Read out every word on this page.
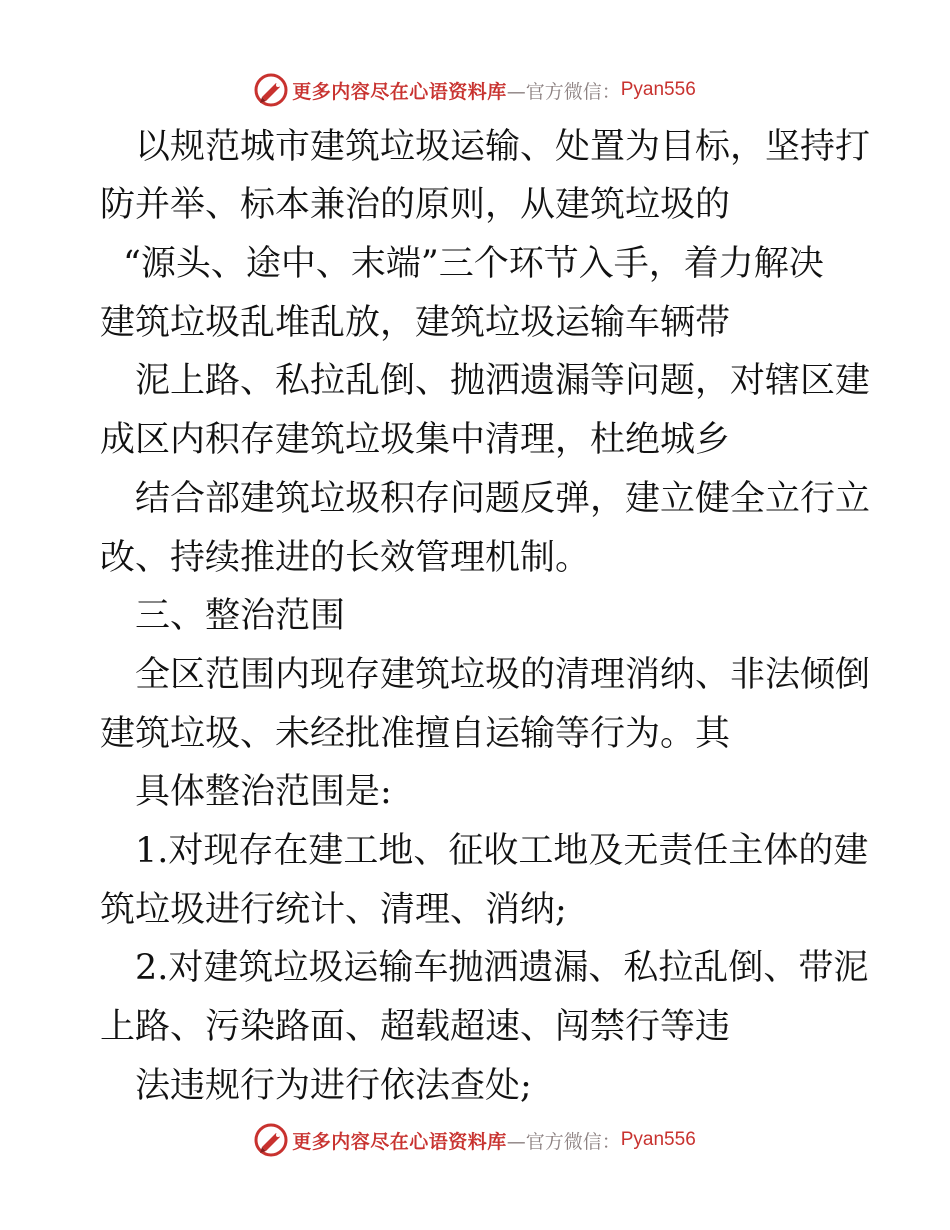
更多内容尽在心语资料库 —官方微信： Pyan556
以规范城市建筑垃圾运输、处置为目标，坚持打
防并举、标本兼治的原则，从建筑垃圾的
“源头、途中、末端”三个环节入手，着力解决
建筑垃圾乱堆乱放，建筑垃圾运输车辆带
泥上路、私拉乱倒、抛洒遗漏等问题，对辖区建
成区内积存建筑垃圾集中清理，杜绝城乡
结合部建筑垃圾积存问题反弹，建立健全立行立
改、持续推进的长效管理机制。
三、整治范围
全区范围内现存建筑垃圾的清理消纳、非法倾倒
建筑垃圾、未经批准擅自运输等行为。其
具体整治范围是:
1.对现存在建工地、征收工地及无责任主体的建
筑垃圾进行统计、清理、消纳;
2.对建筑垃圾运输车抛洒遗漏、私拉乱倒、带泥
上路、污染路面、超载超速、闯禁行等违
法违规行为进行依法查处;
更多内容尽在心语资料库 —官方微信： Pyan556
